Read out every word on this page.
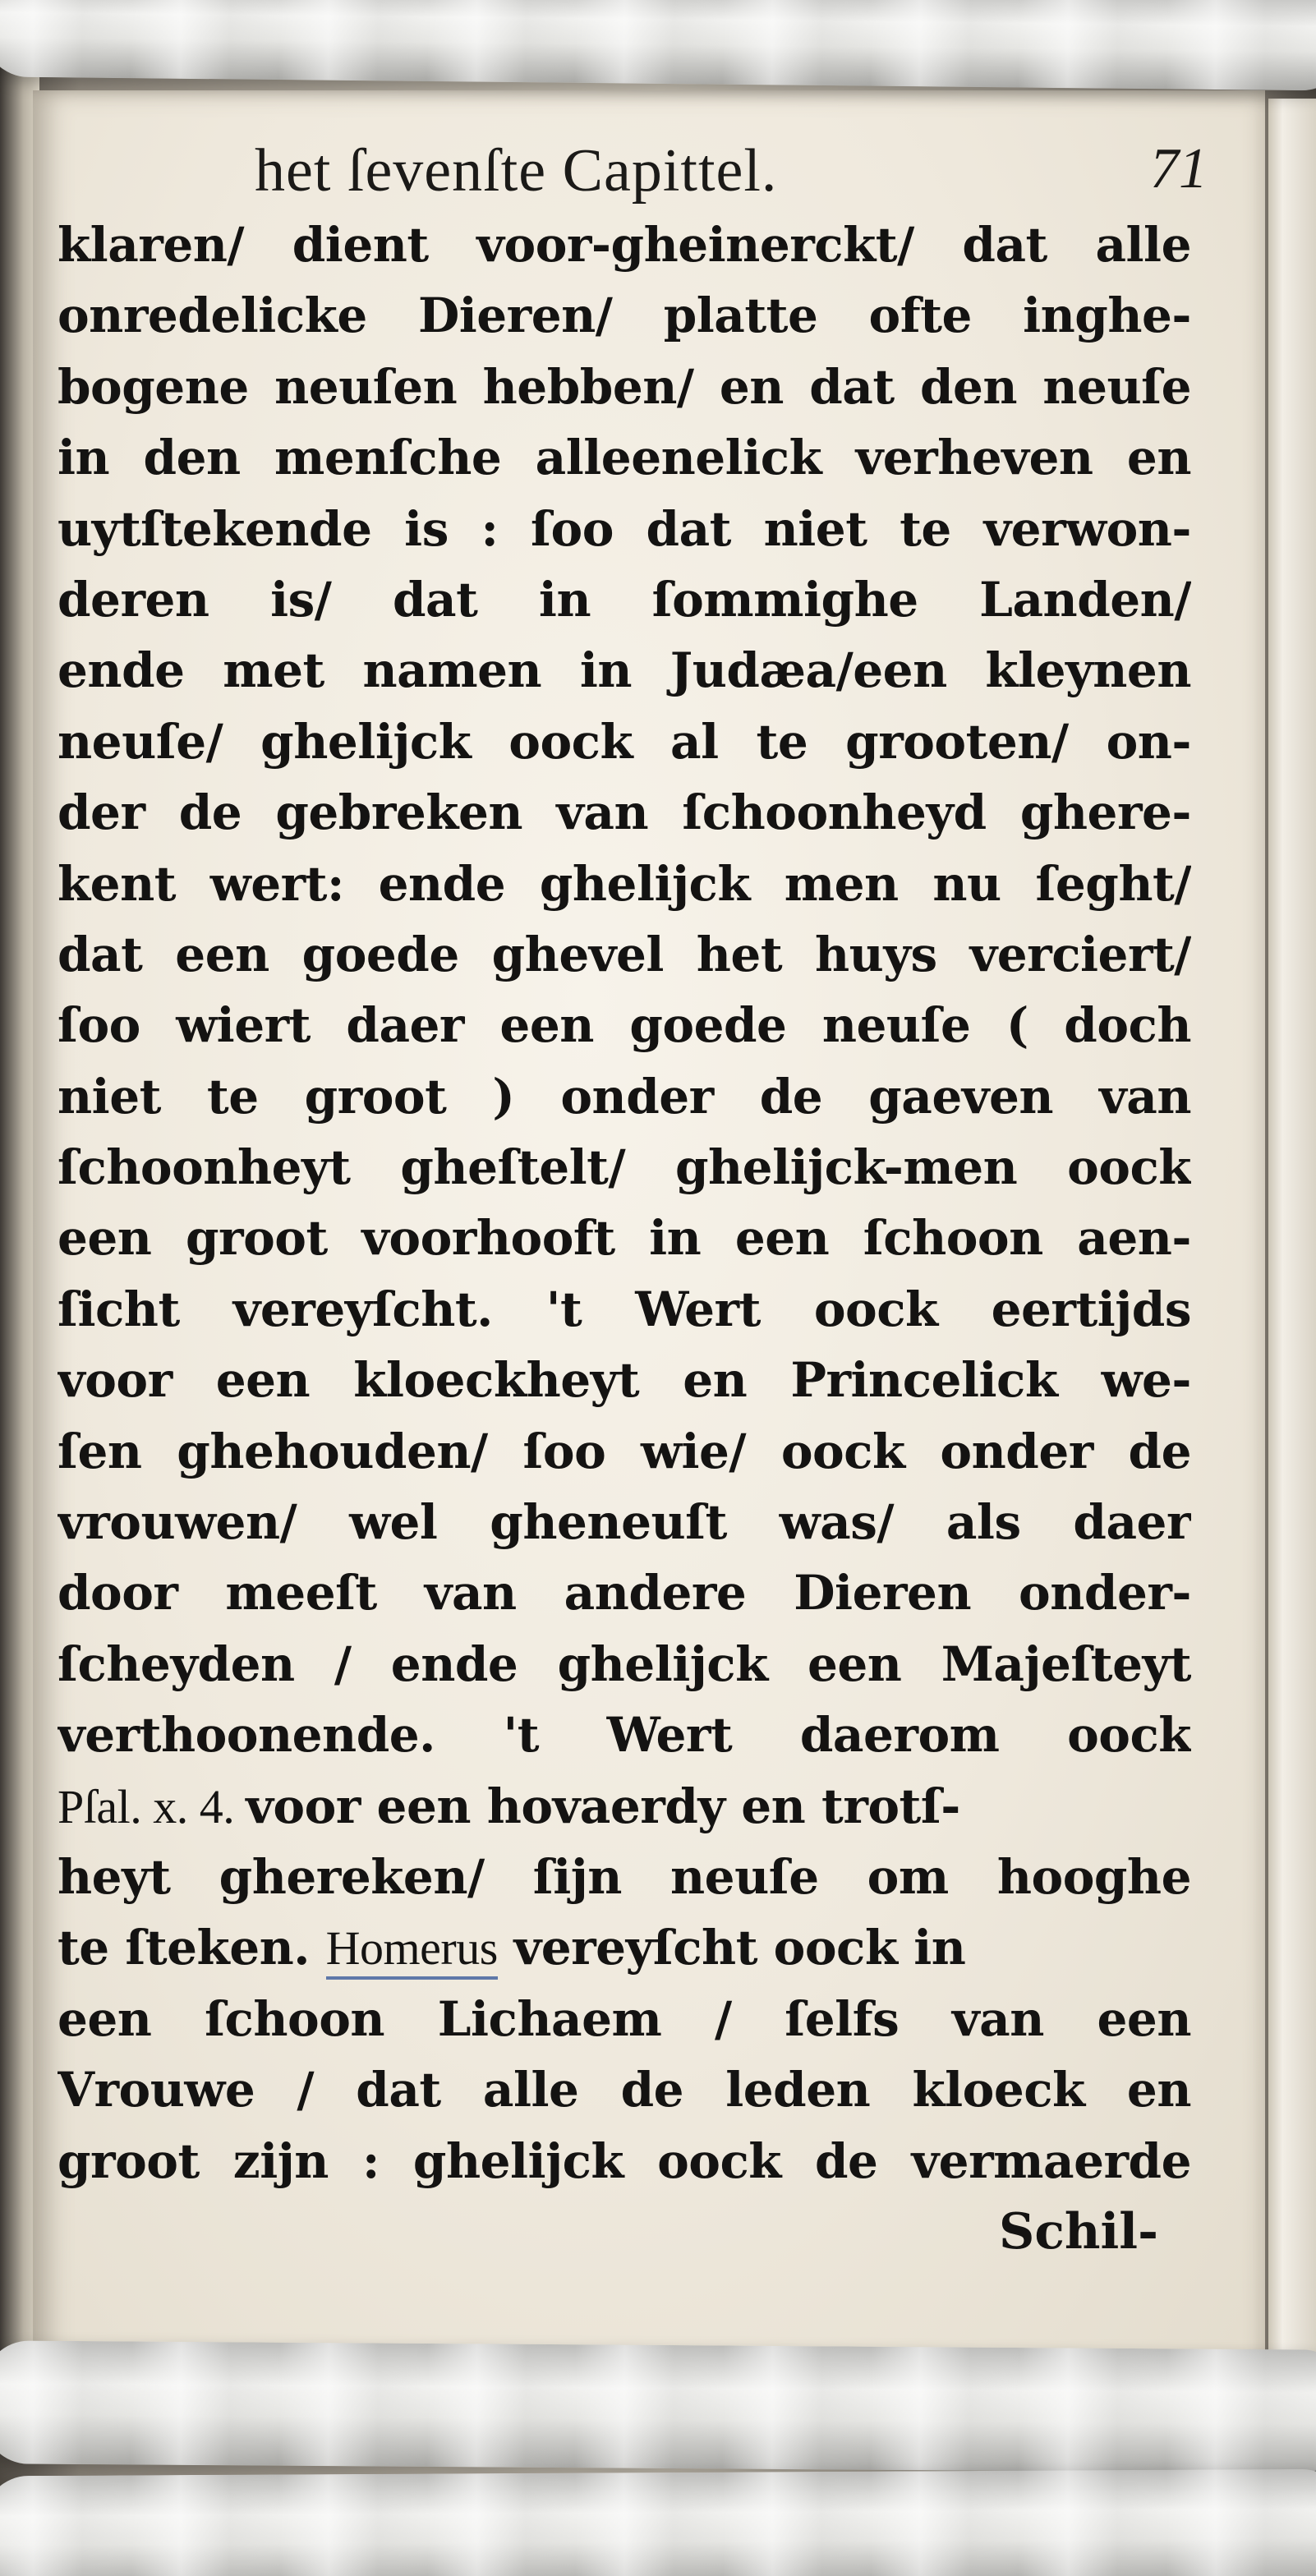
het ſevenſte Capittel.	71
klaren/ dient voor-gheinerckt/ dat alle
onredelicke Dieren/ platte ofte inghe-
bogene neuſen hebben/ en dat den neuſe
in den menſche alleenelick verheven en
uytſtekende is : ſoo dat niet te verwon-
deren is/ dat in ſommighe Landen/
ende met namen in Judæa/een kleynen
neuſe/ ghelijck oock al te grooten/ on-
der de gebreken van ſchoonheyd ghere-
kent wert: ende ghelijck men nu ſeght/
dat een goede ghevel het huys verciert/
ſoo wiert daer een goede neuſe ( doch
niet te groot ) onder de gaeven van
ſchoonheyt gheſtelt/ ghelijck-men oock
een groot voorhooft in een ſchoon aen-
ſicht vereyſcht. 't Wert oock eertijds
voor een kloeckheyt en Princelick we-
ſen ghehouden/ ſoo wie/ oock onder de
vrouwen/ wel gheneuſt was/ als daer
door meeſt van andere Dieren onder-
ſcheyden / ende ghelijck een Majeſteyt
verthoonende. 't Wert daerom oock
Pſal. x. 4. voor een hovaerdy en trotſ-
heyt ghereken/ ſijn neuſe om hooghe
te ſteken. Homerus vereyſcht oock in
een ſchoon Lichaem / ſelfs van een
Vrouwe / dat alle de leden kloeck en
groot zijn : ghelijck oock de vermaerde
Schil-
